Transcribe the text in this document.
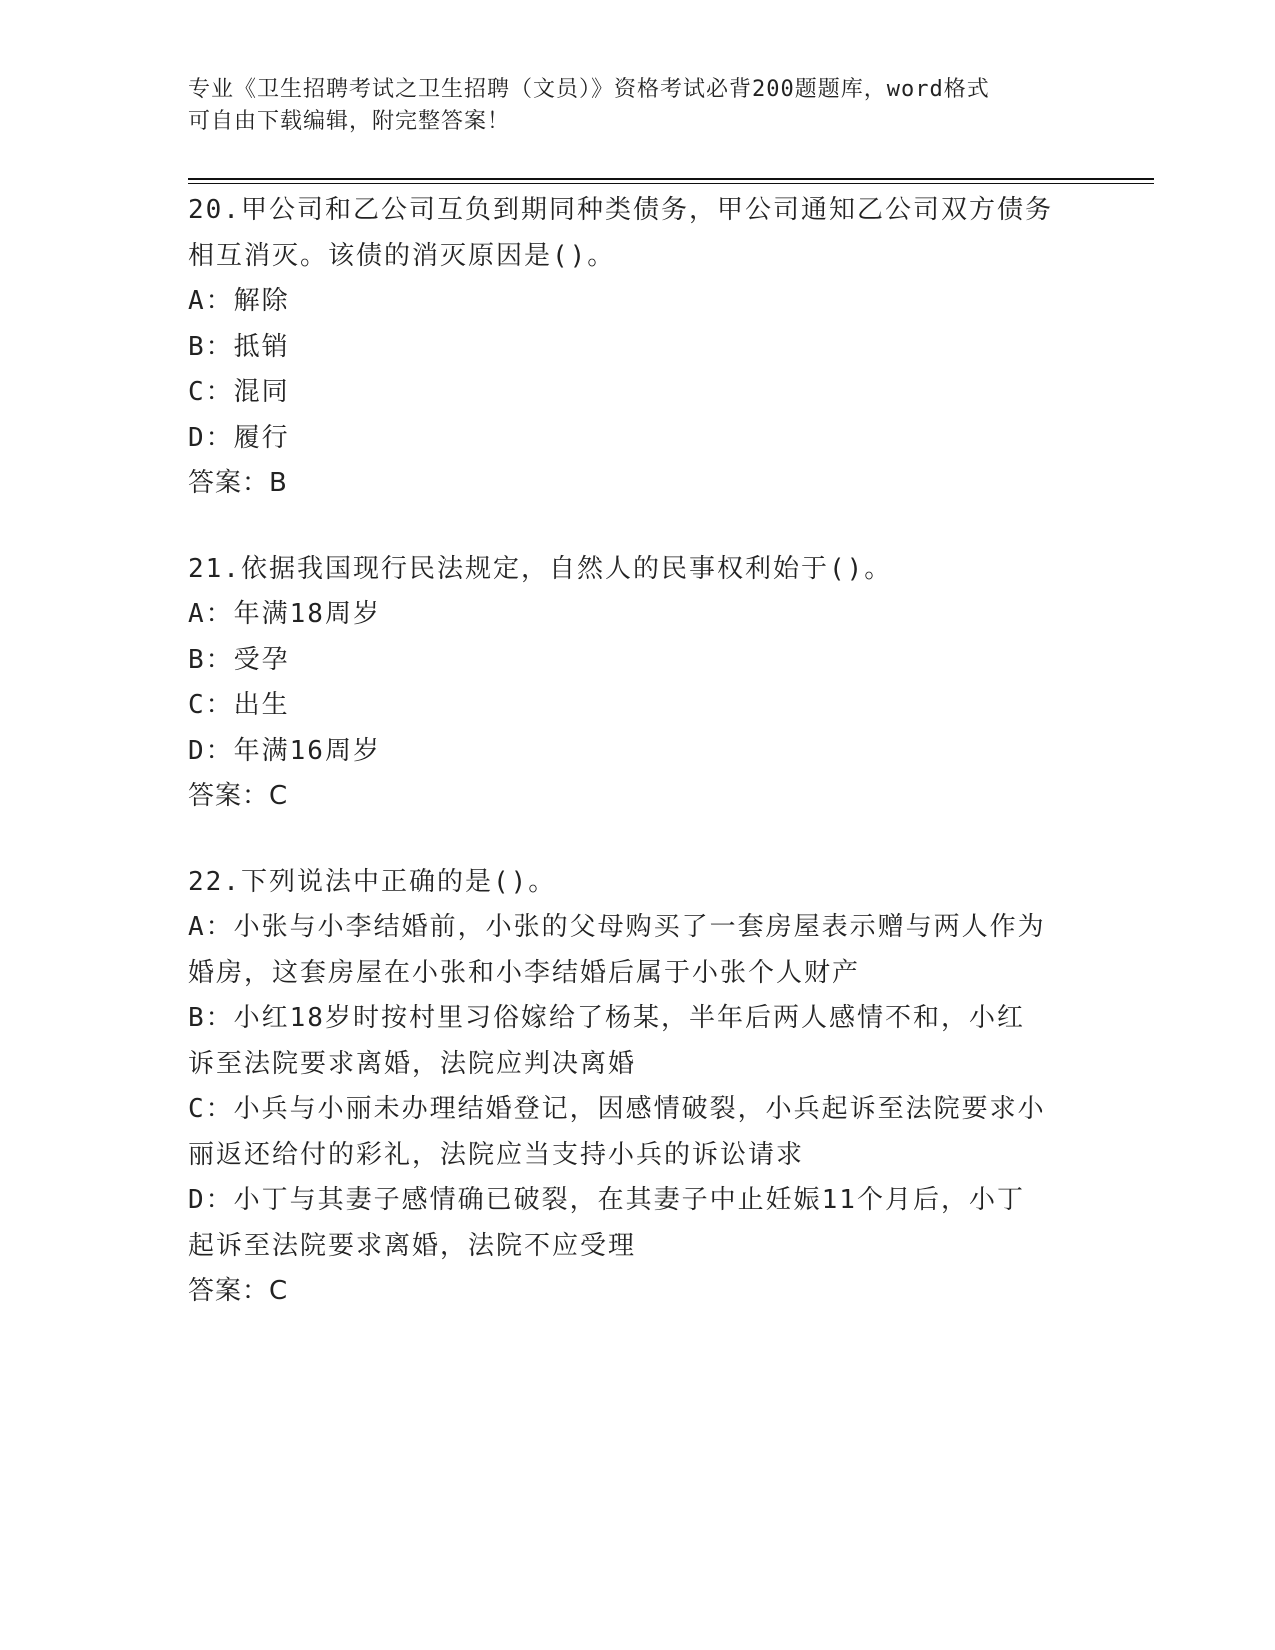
专业《卫生招聘考试之卫生招聘（文员）》资格考试必背200题题库，word格式
可自由下载编辑，附完整答案！
20.甲公司和乙公司互负到期同种类债务，甲公司通知乙公司双方债务
相互消灭。该债的消灭原因是()。
A：解除
B：抵销
C：混同
D：履行
答案：B
21.依据我国现行民法规定，自然人的民事权利始于()。
A：年满18周岁
B：受孕
C：出生
D：年满16周岁
答案：C
22.下列说法中正确的是()。
A：小张与小李结婚前，小张的父母购买了一套房屋表示赠与两人作为
婚房，这套房屋在小张和小李结婚后属于小张个人财产
B：小红18岁时按村里习俗嫁给了杨某，半年后两人感情不和，小红
诉至法院要求离婚，法院应判决离婚
C：小兵与小丽未办理结婚登记，因感情破裂，小兵起诉至法院要求小
丽返还给付的彩礼，法院应当支持小兵的诉讼请求
D：小丁与其妻子感情确已破裂，在其妻子中止妊娠11个月后，小丁
起诉至法院要求离婚，法院不应受理
答案：C
